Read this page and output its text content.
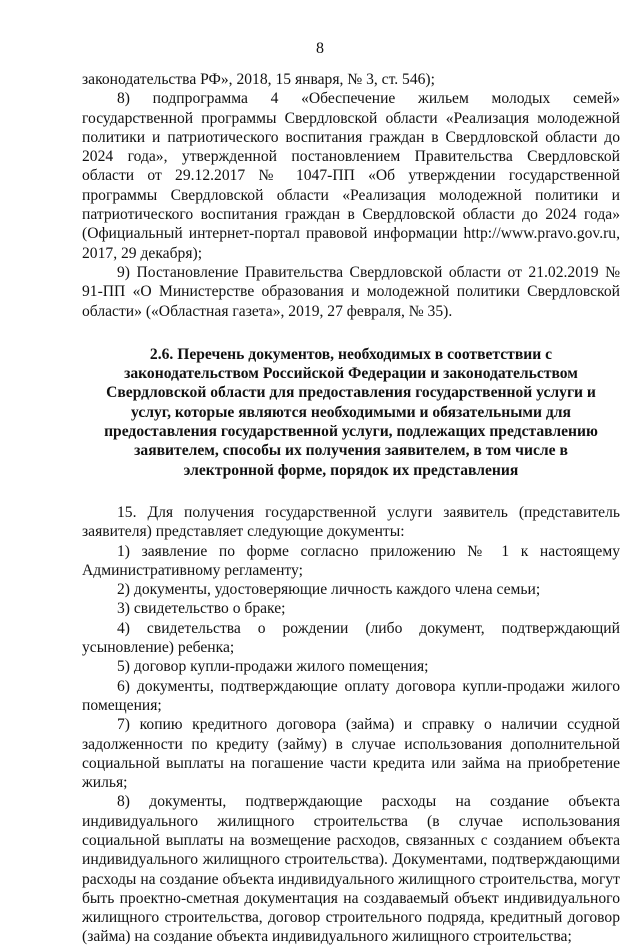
8

законодательства РФ», 2018, 15 января, № 3, ст. 546);

8) подпрограмма 4 «Обеспечение жильем молодых семей» государственной программы Свердловской области «Реализация молодежной политики и патриотического воспитания граждан в Свердловской области до 2024 года», утвержденной постановлением Правительства Свердловской области от 29.12.2017 № 1047-ПП «Об утверждении государственной программы Свердловской области «Реализация молодежной политики и патриотического воспитания граждан в Свердловской области до 2024 года» (Официальный интернет-портал правовой информации http://www.pravo.gov.ru, 2017, 29 декабря);

9) Постановление Правительства Свердловской области от 21.02.2019 № 91-ПП «О Министерстве образования и молодежной политики Свердловской области» («Областная газета», 2019, 27 февраля, № 35).

2.6. Перечень документов, необходимых в соответствии с законодательством Российской Федерации и законодательством Свердловской области для предоставления государственной услуги и услуг, которые являются необходимыми и обязательными для предоставления государственной услуги, подлежащих представлению заявителем, способы их получения заявителем, в том числе в электронной форме, порядок их представления

15. Для получения государственной услуги заявитель (представитель заявителя) представляет следующие документы:

1) заявление по форме согласно приложению № 1 к настоящему Административному регламенту;

2) документы, удостоверяющие личность каждого члена семьи;

3) свидетельство о браке;

4) свидетельства о рождении (либо документ, подтверждающий усыновление) ребенка;

5) договор купли-продажи жилого помещения;

6) документы, подтверждающие оплату договора купли-продажи жилого помещения;

7) копию кредитного договора (займа) и справку о наличии ссудной задолженности по кредиту (займу) в случае использования дополнительной социальной выплаты на погашение части кредита или займа на приобретение жилья;

8) документы, подтверждающие расходы на создание объекта индивидуального жилищного строительства (в случае использования социальной выплаты на возмещение расходов, связанных с созданием объекта индивидуального жилищного строительства). Документами, подтверждающими расходы на создание объекта индивидуального жилищного строительства, могут быть проектно-сметная документация на создаваемый объект индивидуального жилищного строительства, договор строительного подряда, кредитный договор (займа) на создание объекта индивидуального жилищного строительства;
